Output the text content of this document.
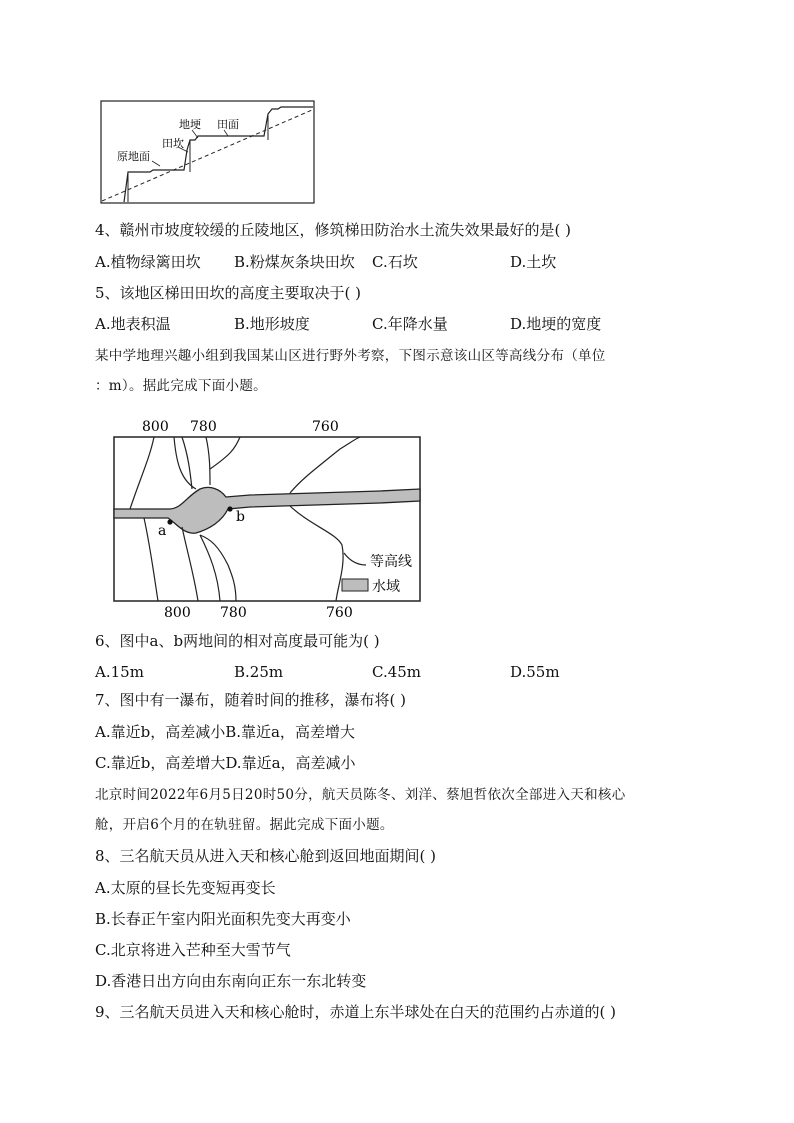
地埂 田面
田坎
原地面
4、赣州市坡度较缓的丘陵地区，修筑梯田防治水土流失效果最好的是( )
A.植物绿篱田坎 B.粉煤灰条块田坎 C.石坎	D.土坎
5、该地区梯田田坎的高度主要取决于( )
A.地表积温	B.地形坡度	C.年降水量	D.地埂的宽度
某中学地理兴趣小组到我国某山区进行野外考察，下图示意该山区等高线分布（单位
：m）。据此完成下面小题。
800 780	760
a
b
等高线
水域
800 780	760
6、图中a、b两地间的相对高度最可能为( )
A.15m	B.25m	C.45m	D.55m
7、图中有一瀑布，随着时间的推移，瀑布将( )
A.靠近b，高差减小B.靠近a，高差增大
C.靠近b，高差增大D.靠近a，高差减小
北京时间2022年6月5日20时50分，航天员陈冬、刘洋、蔡旭哲依次全部进入天和核心
舱，开启6个月的在轨驻留。据此完成下面小题。
8、三名航天员从进入天和核心舱到返回地面期间( )
A.太原的昼长先变短再变长
B.长春正午室内阳光面积先变大再变小
C.北京将进入芒种至大雪节气
D.香港日出方向由东南向正东一东北转变
9、三名航天员进入天和核心舱时，赤道上东半球处在白天的范围约占赤道的( )
